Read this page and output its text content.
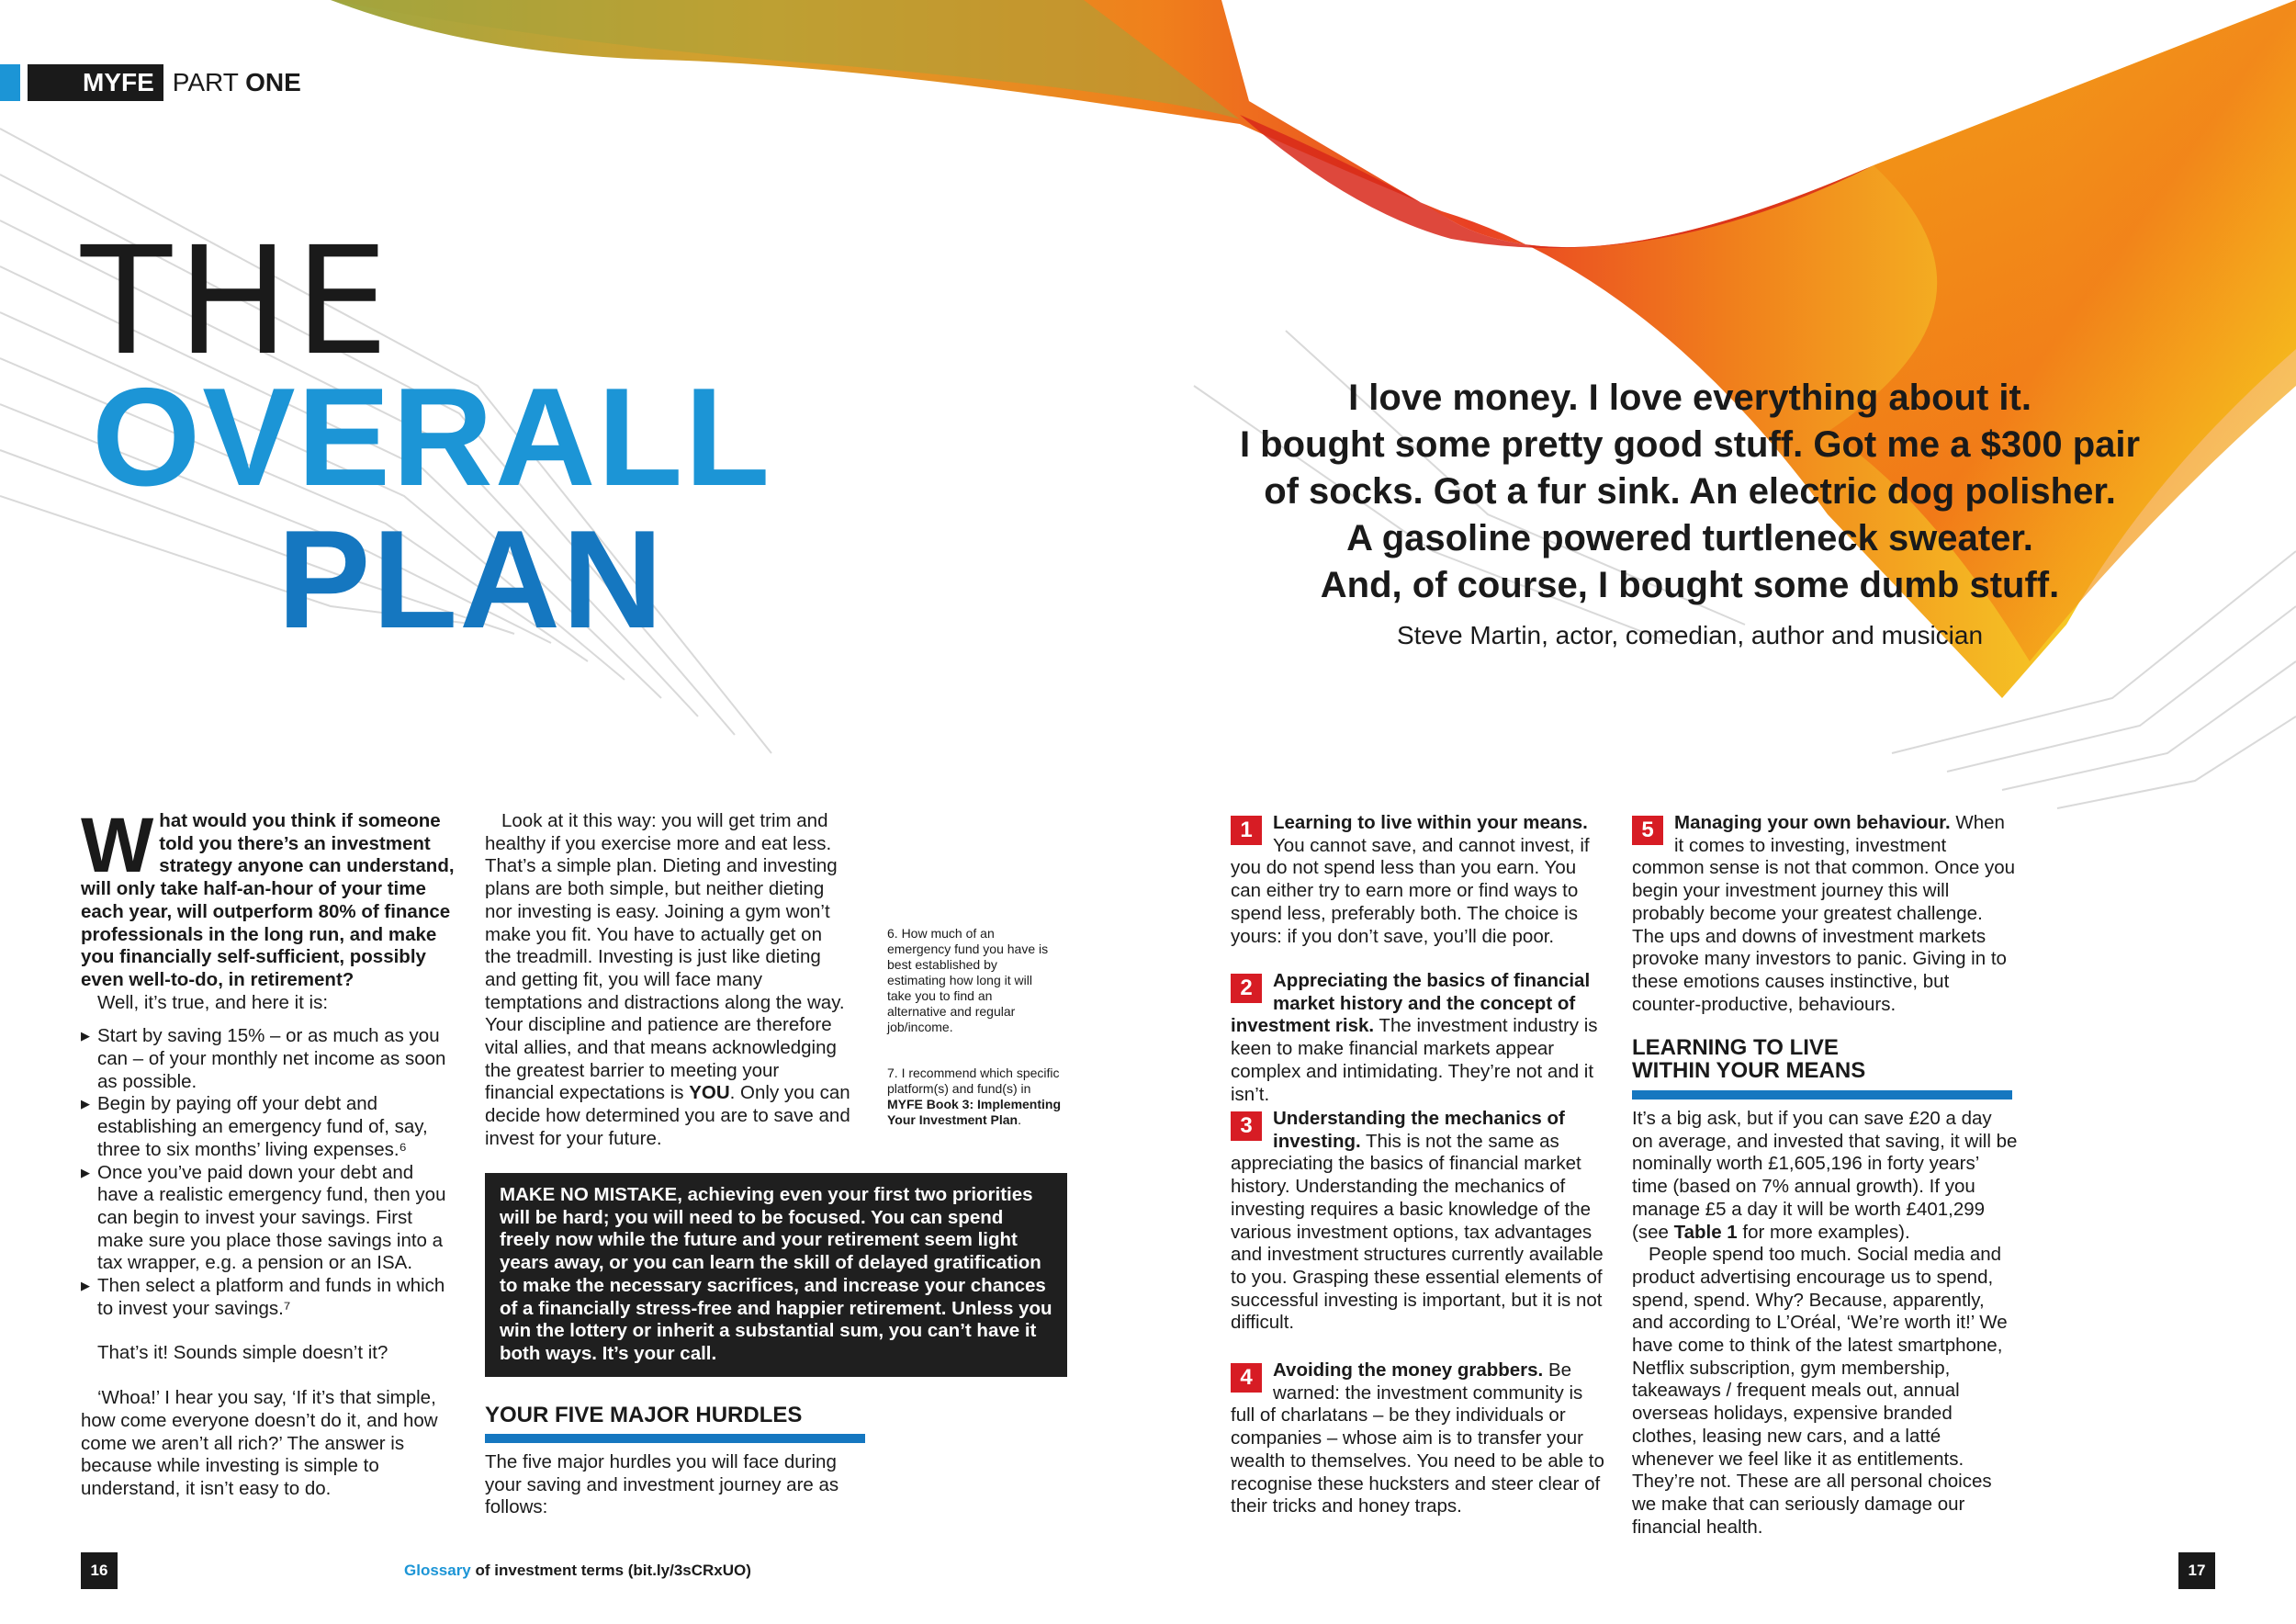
MYFE PART ONE
THE
OVERALL
PLAN
I love money. I love everything about it.
I bought some pretty good stuff. Got me a $300 pair
of socks. Got a fur sink. An electric dog polisher.
A gasoline powered turtleneck sweater.
And, of course, I bought some dumb stuff.
Steve Martin, actor, comedian, author and musician

What would you think if someone told you there’s an investment strategy anyone can understand, will only take half-an-hour of your time each year, will outperform 80% of finance professionals in the long run, and make you financially self-sufficient, possibly even well-to-do, in retirement?

Well, it’s true, and here it is:

▶ Start by saving 15% – or as much as you can – of your monthly net income as soon as possible.
▶ Begin by paying off your debt and establishing an emergency fund of, say, three to six months’ living expenses.⁶
▶ Once you’ve paid down your debt and have a realistic emergency fund, then you can begin to invest your savings. First make sure you place those savings into a tax wrapper, e.g. a pension or an ISA.
▶ Then select a platform and funds in which to invest your savings.⁷

That’s it! Sounds simple doesn’t it?

‘Whoa!’ I hear you say, ‘If it’s that simple, how come everyone doesn’t do it, and how come we aren’t all rich?’ The answer is because while investing is simple to understand, it isn’t easy to do.

Look at it this way: you will get trim and healthy if you exercise more and eat less. That’s a simple plan. Dieting and investing plans are both simple, but neither dieting nor investing is easy. Joining a gym won’t make you fit. You have to actually get on the treadmill. Investing is just like dieting and getting fit, you will face many temptations and distractions along the way. Your discipline and patience are therefore vital allies, and that means acknowledging the greatest barrier to meeting your financial expectations is YOU. Only you can decide how determined you are to save and invest for your future.

6. How much of an emergency fund you have is best established by estimating how long it will take you to find an alternative and regular job/income.
7. I recommend which specific platform(s) and fund(s) in MYFE Book 3: Implementing Your Investment Plan.
MAKE NO MISTAKE, achieving even your first two priorities will be hard; you will need to be focused. You can spend freely now while the future and your retirement seem light years away, or you can learn the skill of delayed gratification to make the necessary sacrifices, and increase your chances of a financially stress-free and happier retirement. Unless you win the lottery or inherit a substantial sum, you can’t have it both ways. It’s your call.
YOUR FIVE MAJOR HURDLES
The five major hurdles you will face during your saving and investment journey are as follows:

1	Learning to live within your means. You cannot save, and cannot invest, if you do not spend less than you earn. You can either try to earn more or find ways to spend less, preferably both. The choice is yours: if you don’t save, you’ll die poor.

2	Appreciating the basics of financial market history and the concept of investment risk. The investment industry is keen to make financial markets appear complex and intimidating. They’re not and it isn’t.

3	Understanding the mechanics of investing. This is not the same as appreciating the basics of financial market history. Understanding the mechanics of investing requires a basic knowledge of the various investment options, tax advantages and investment structures currently available to you. Grasping these essential elements of successful investing is important, but it is not difficult.

4	Avoiding the money grabbers. Be warned: the investment community is full of charlatans – be they individuals or companies – whose aim is to transfer your wealth to themselves. You need to be able to recognise these hucksters and steer clear of their tricks and honey traps.

5	Managing your own behaviour. When it comes to investing, investment common sense is not that common. Once you begin your investment journey this will probably become your greatest challenge. The ups and downs of investment markets provoke many investors to panic. Giving in to these emotions causes instinctive, but counter-productive, behaviours.

LEARNING TO LIVE
WITHIN YOUR MEANS

It’s a big ask, but if you can save £20 a day on average, and invested that saving, it will be nominally worth £1,605,196 in forty years’ time (based on 7% annual growth). If you manage £5 a day it will be worth £401,299 (see Table 1 for more examples).

People spend too much. Social media and product advertising encourage us to spend, spend, spend. Why? Because, apparently, and according to L’Oréal, ‘We’re worth it!’ We have come to think of the latest smartphone, Netflix subscription, gym membership, takeaways / frequent meals out, annual overseas holidays, expensive branded clothes, leasing new cars, and a latté whenever we feel like it as entitlements. They’re not. These are all personal choices we make that can seriously damage our financial health.

16	17
Glossary of investment terms (bit.ly/3sCRxUO)
